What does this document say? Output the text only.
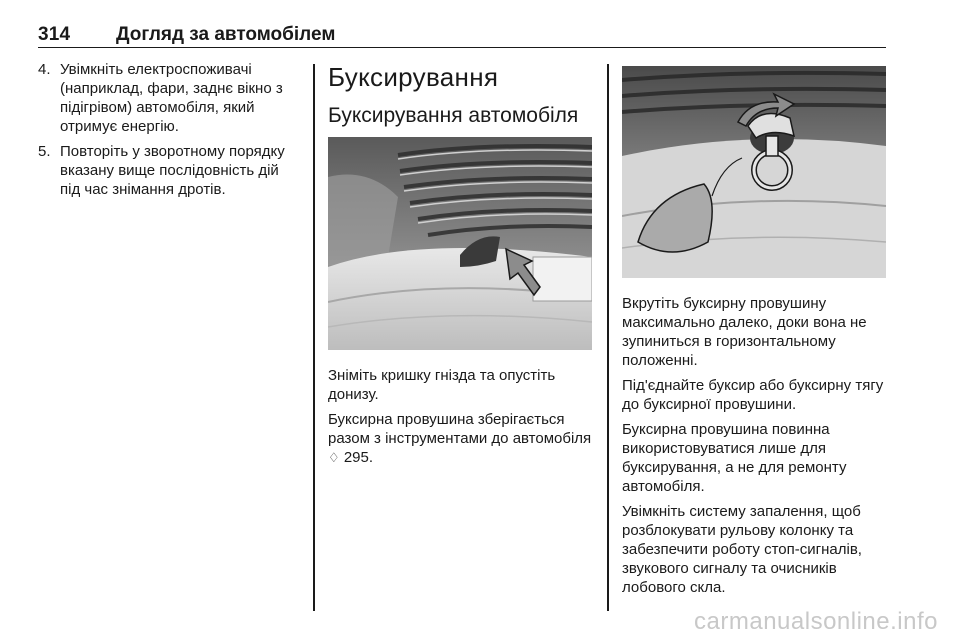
314 Догляд за автомобілем
4. Увімкніть електроспоживачі (наприклад, фари, заднє вікно з підігрівом) автомобіля, який отримує енергію.
5. Повторіть у зворотному порядку вказану вище послідовність дій під час знімання дротів.
Буксирування
Буксирування автомобіля

Зніміть кришку гнізда та опустіть донизу.

Буксирна провушина зберігається разом з інструментами до автомобіля ♢ 295.

Вкрутіть буксирну провушину максимально далеко, доки вона не зупиниться в горизонтальному положенні.

Під'єднайте буксир або буксирну тягу до буксирної провушини.

Буксирна провушина повинна використовуватися лише для буксирування, а не для ремонту автомобіля.

Увімкніть систему запалення, щоб розблокувати рульову колонку та забезпечити роботу стоп-сигналів, звукового сигналу та очисників лобового скла.

carmanualsonline.info
